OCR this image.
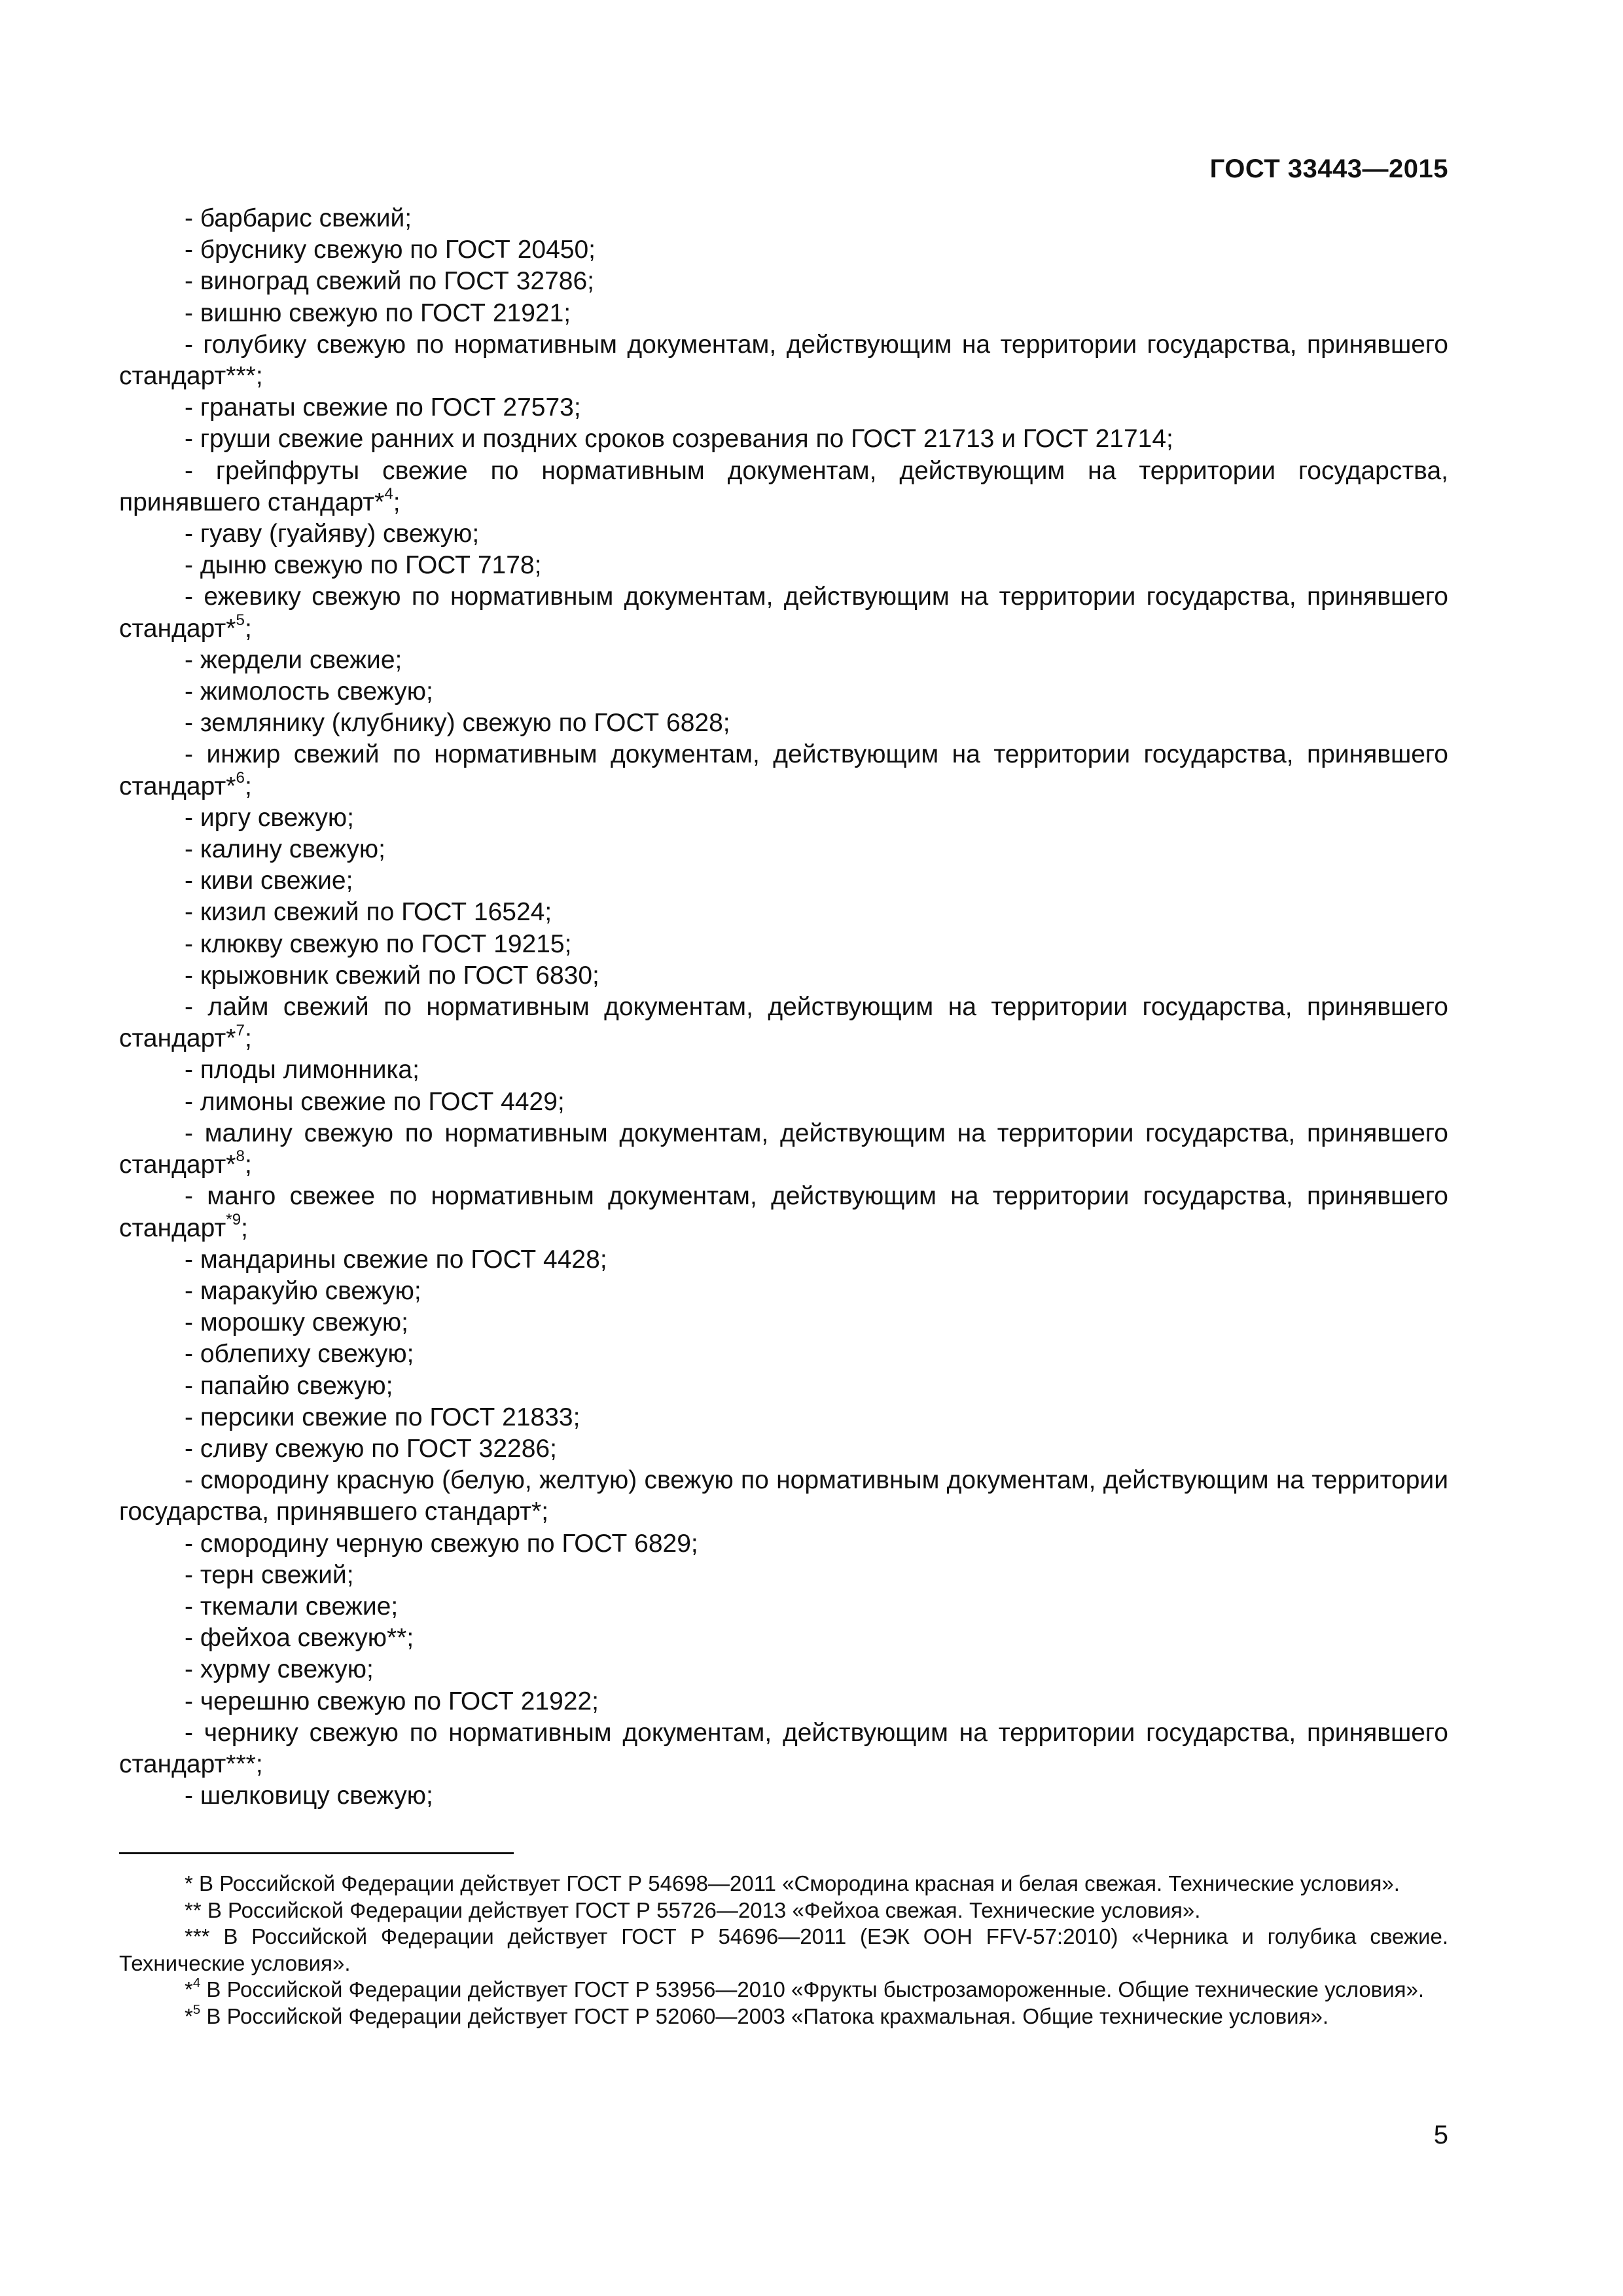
ГОСТ 33443—2015

- барбарис свежий;

- бруснику свежую по ГОСТ 20450;

- виноград свежий по ГОСТ 32786;

- вишню свежую по ГОСТ 21921;

- голубику свежую по нормативным документам, действующим на территории государства, принявшего стандарт***;

- гранаты свежие по ГОСТ 27573;

- груши свежие ранних и поздних сроков созревания по ГОСТ 21713 и ГОСТ 21714;

- грейпфруты свежие по нормативным документам, действующим на территории государства, принявшего стандарт*$^4$;

- гуаву (гуайяву) свежую;

- дыню свежую по ГОСТ 7178;

- ежевику свежую по нормативным документам, действующим на территории государства, принявшего стандарт*$^5$;

- жердели свежие;

- жимолость свежую;

- землянику (клубнику) свежую по ГОСТ 6828;

- инжир свежий по нормативным документам, действующим на территории государства, принявшего стандарт*$^6$;

- иргу свежую;

- калину свежую;

- киви свежие;

- кизил свежий по ГОСТ 16524;

- клюкву свежую по ГОСТ 19215;

- крыжовник свежий по ГОСТ 6830;

- лайм свежий по нормативным документам, действующим на территории государства, принявшего стандарт*$^7$;

- плоды лимонника;

- лимоны свежие по ГОСТ 4429;

- малину свежую по нормативным документам, действующим на территории государства, принявшего стандарт*$^8$;

- манго свежее по нормативным документам, действующим на территории государства, принявшего стандарт$^{*9}$;

- мандарины свежие по ГОСТ 4428;

- маракуйю свежую;

- морошку свежую;

- облепиху свежую;

- папайю свежую;

- персики свежие по ГОСТ 21833;

- сливу свежую по ГОСТ 32286;

- смородину красную (белую, желтую) свежую по нормативным документам, действующим на территории государства, принявшего стандарт*;

- смородину черную свежую по ГОСТ 6829;

- терн свежий;

- ткемали свежие;

- фейхоа свежую**;

- хурму свежую;

- черешню свежую по ГОСТ 21922;

- чернику свежую по нормативным документам, действующим на территории государства, принявшего стандарт***;

- шелковицу свежую;

* В Российской Федерации действует ГОСТ Р 54698—2011 «Смородина красная и белая свежая. Технические условия».

** В Российской Федерации действует ГОСТ Р 55726—2013 «Фейхоа свежая. Технические условия».

*** В Российской Федерации действует ГОСТ Р 54696—2011 (ЕЭК ООН FFV-57:2010) «Черника и голубика свежие. Технические условия».

*$^4$ В Российской Федерации действует ГОСТ Р 53956—2010 «Фрукты быстрозамороженные. Общие технические условия».

*$^5$ В Российской Федерации действует ГОСТ Р 52060—2003 «Патока крахмальная. Общие технические условия».

5
